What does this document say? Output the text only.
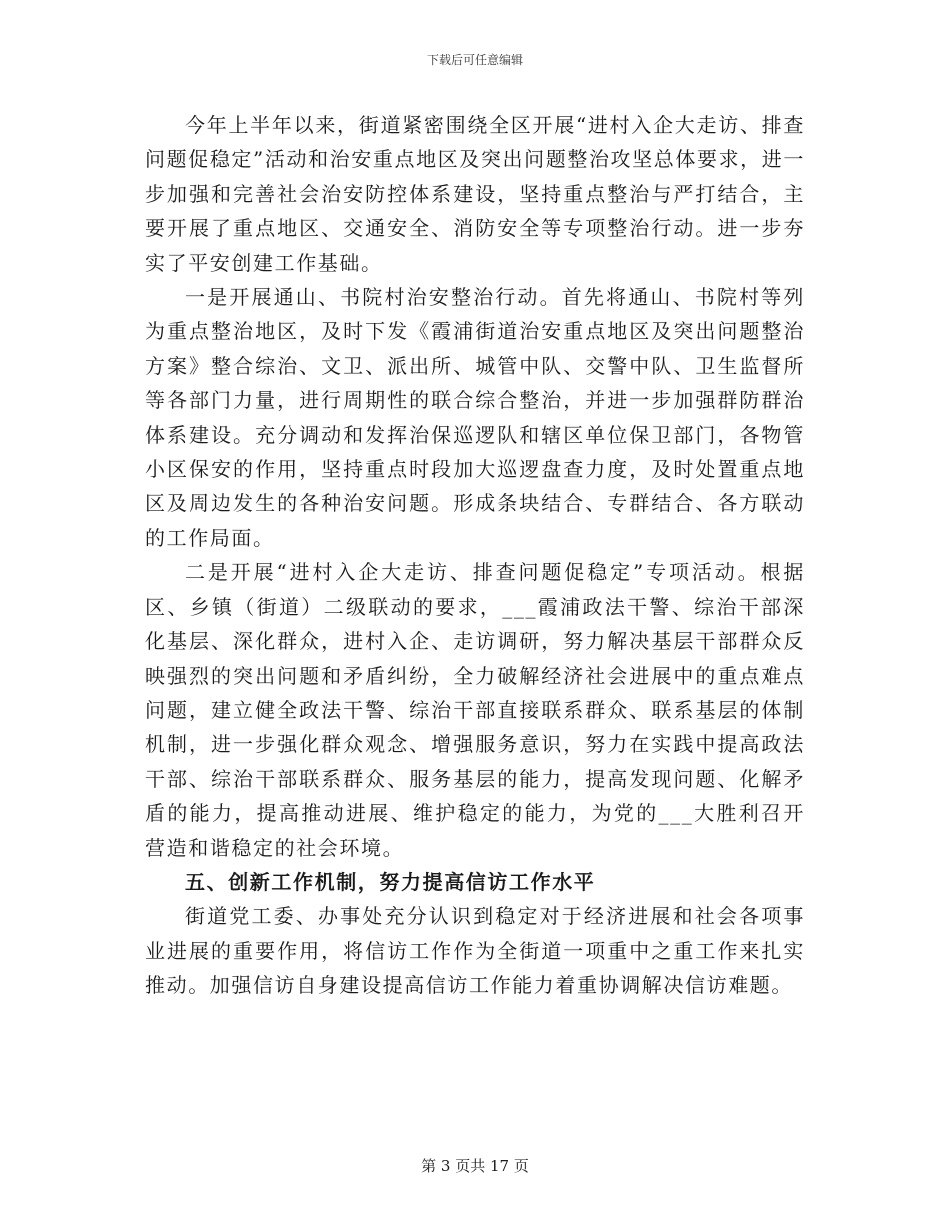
下载后可任意编辑

今年上半年以来，街道紧密围绕全区开展“进村入企大走访、排查问题促稳定”活动和治安重点地区及突出问题整治攻坚总体要求，进一步加强和完善社会治安防控体系建设，坚持重点整治与严打结合，主要开展了重点地区、交通安全、消防安全等专项整治行动。进一步夯实了平安创建工作基础。

一是开展通山、书院村治安整治行动。首先将通山、书院村等列为重点整治地区，及时下发《霞浦街道治安重点地区及突出问题整治方案》整合综治、文卫、派出所、城管中队、交警中队、卫生监督所等各部门力量，进行周期性的联合综合整治，并进一步加强群防群治体系建设。充分调动和发挥治保巡逻队和辖区单位保卫部门，各物管小区保安的作用，坚持重点时段加大巡逻盘查力度，及时处置重点地区及周边发生的各种治安问题。形成条块结合、专群结合、各方联动的工作局面。

二是开展“进村入企大走访、排查问题促稳定”专项活动。根据区、乡镇（街道）二级联动的要求，___霞浦政法干警、综治干部深化基层、深化群众，进村入企、走访调研，努力解决基层干部群众反映强烈的突出问题和矛盾纠纷，全力破解经济社会进展中的重点难点问题，建立健全政法干警、综治干部直接联系群众、联系基层的体制机制，进一步强化群众观念、增强服务意识，努力在实践中提高政法干部、综治干部联系群众、服务基层的能力，提高发现问题、化解矛盾的能力，提高推动进展、维护稳定的能力，为党的___大胜利召开营造和谐稳定的社会环境。

五、创新工作机制，努力提高信访工作水平

街道党工委、办事处充分认识到稳定对于经济进展和社会各项事业进展的重要作用，将信访工作作为全街道一项重中之重工作来扎实推动。加强信访自身建设提高信访工作能力着重协调解决信访难题。

第 3 页共 17 页
